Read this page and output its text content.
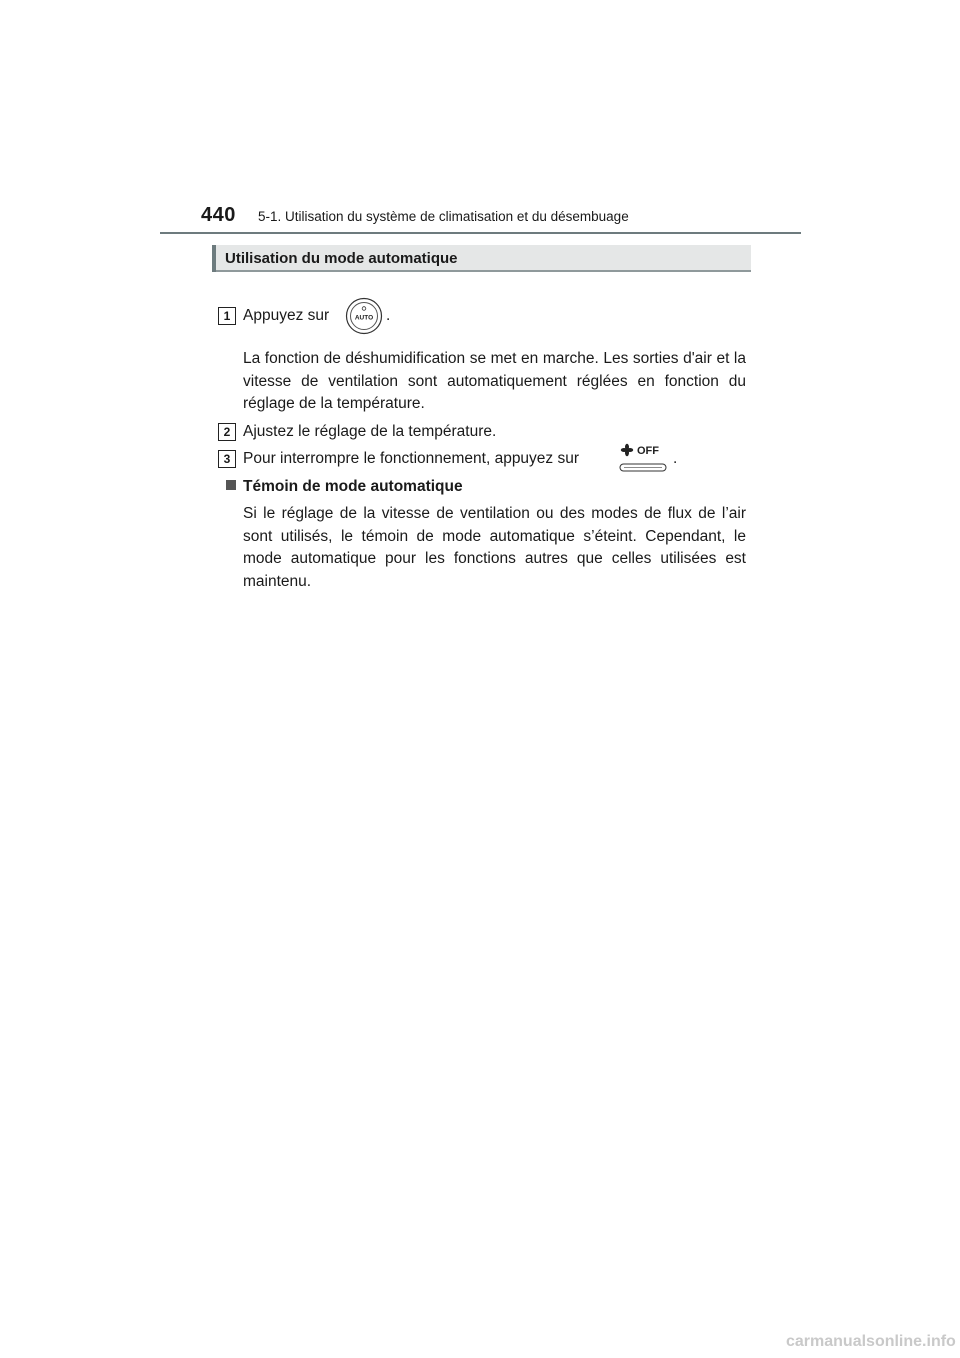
440 5-1. Utilisation du système de climatisation et du désembuage
Utilisation du mode automatique
1 Appuyez sur	AUTO .
La fonction de déshumidification se met en marche. Les sorties d'air et la vitesse de ventilation sont automatiquement réglées en fonction du réglage de la température.
2 Ajustez le réglage de la température.
3 Pour interrompre le fonctionnement, appuyez sur	OFF .
Témoin de mode automatique
Si le réglage de la vitesse de ventilation ou des modes de flux de l’air sont utilisés, le témoin de mode automatique s’éteint. Cependant, le mode automatique pour les fonctions autres que celles utilisées est maintenu.
carmanualsonline.info
